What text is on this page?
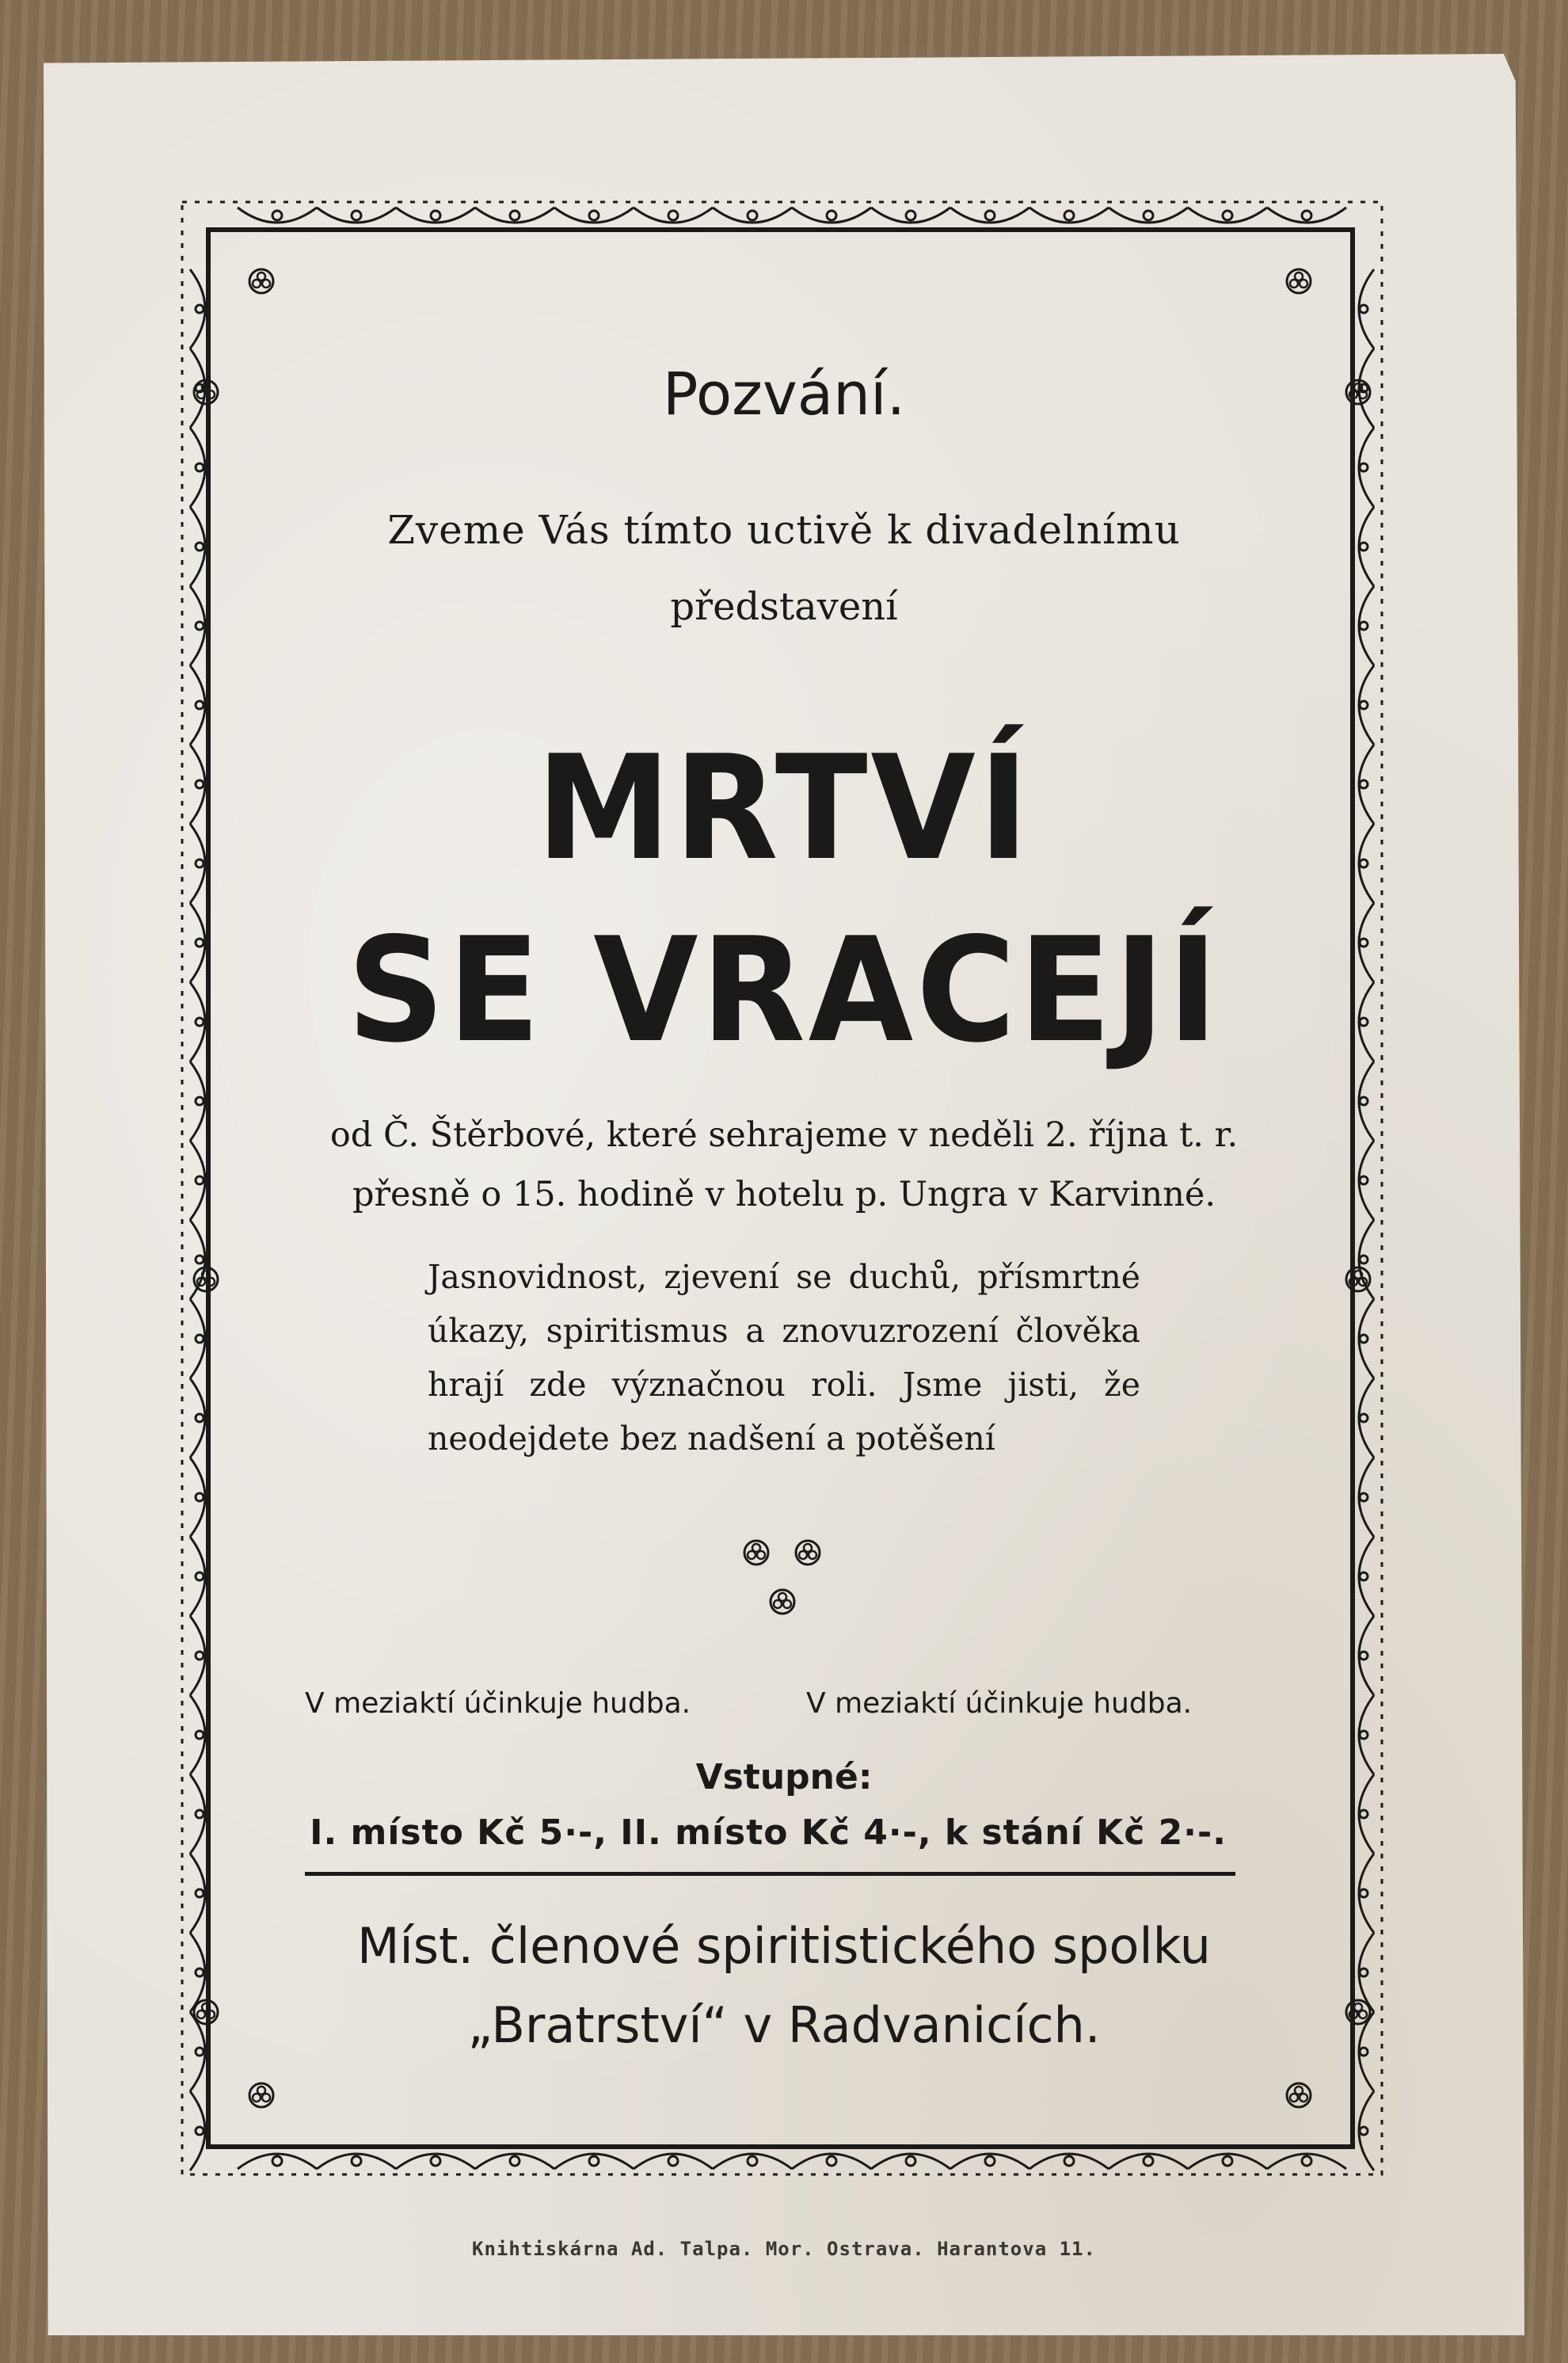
Pozvání.

Zveme Vás tímto uctivě k divadelnímu

představení

MRTVÍ

SE VRACEJÍ

od Č. Štěrbové, které sehrajeme v neděli 2. října t. r.

přesně o 15. hodině v hotelu p. Ungra v Karvinné.

Jasnovidnost, zjevení se duchů, přísmrtné úkazy, spiritismus a znovuzrození člověka hrají zde význačnou roli. Jsme jisti, že neodejdete bez nadšení a potěšení

V meziaktí účinkuje hudba.	V meziaktí účinkuje hudba.

Vstupné:

I. místo Kč 5·-, II. místo Kč 4·-, k stání Kč 2·-.

Míst. členové spiritistického spolku

„Bratrství“ v Radvanicích.

Knihtiskárna Ad. Talpa. Mor. Ostrava. Harantova 11.
